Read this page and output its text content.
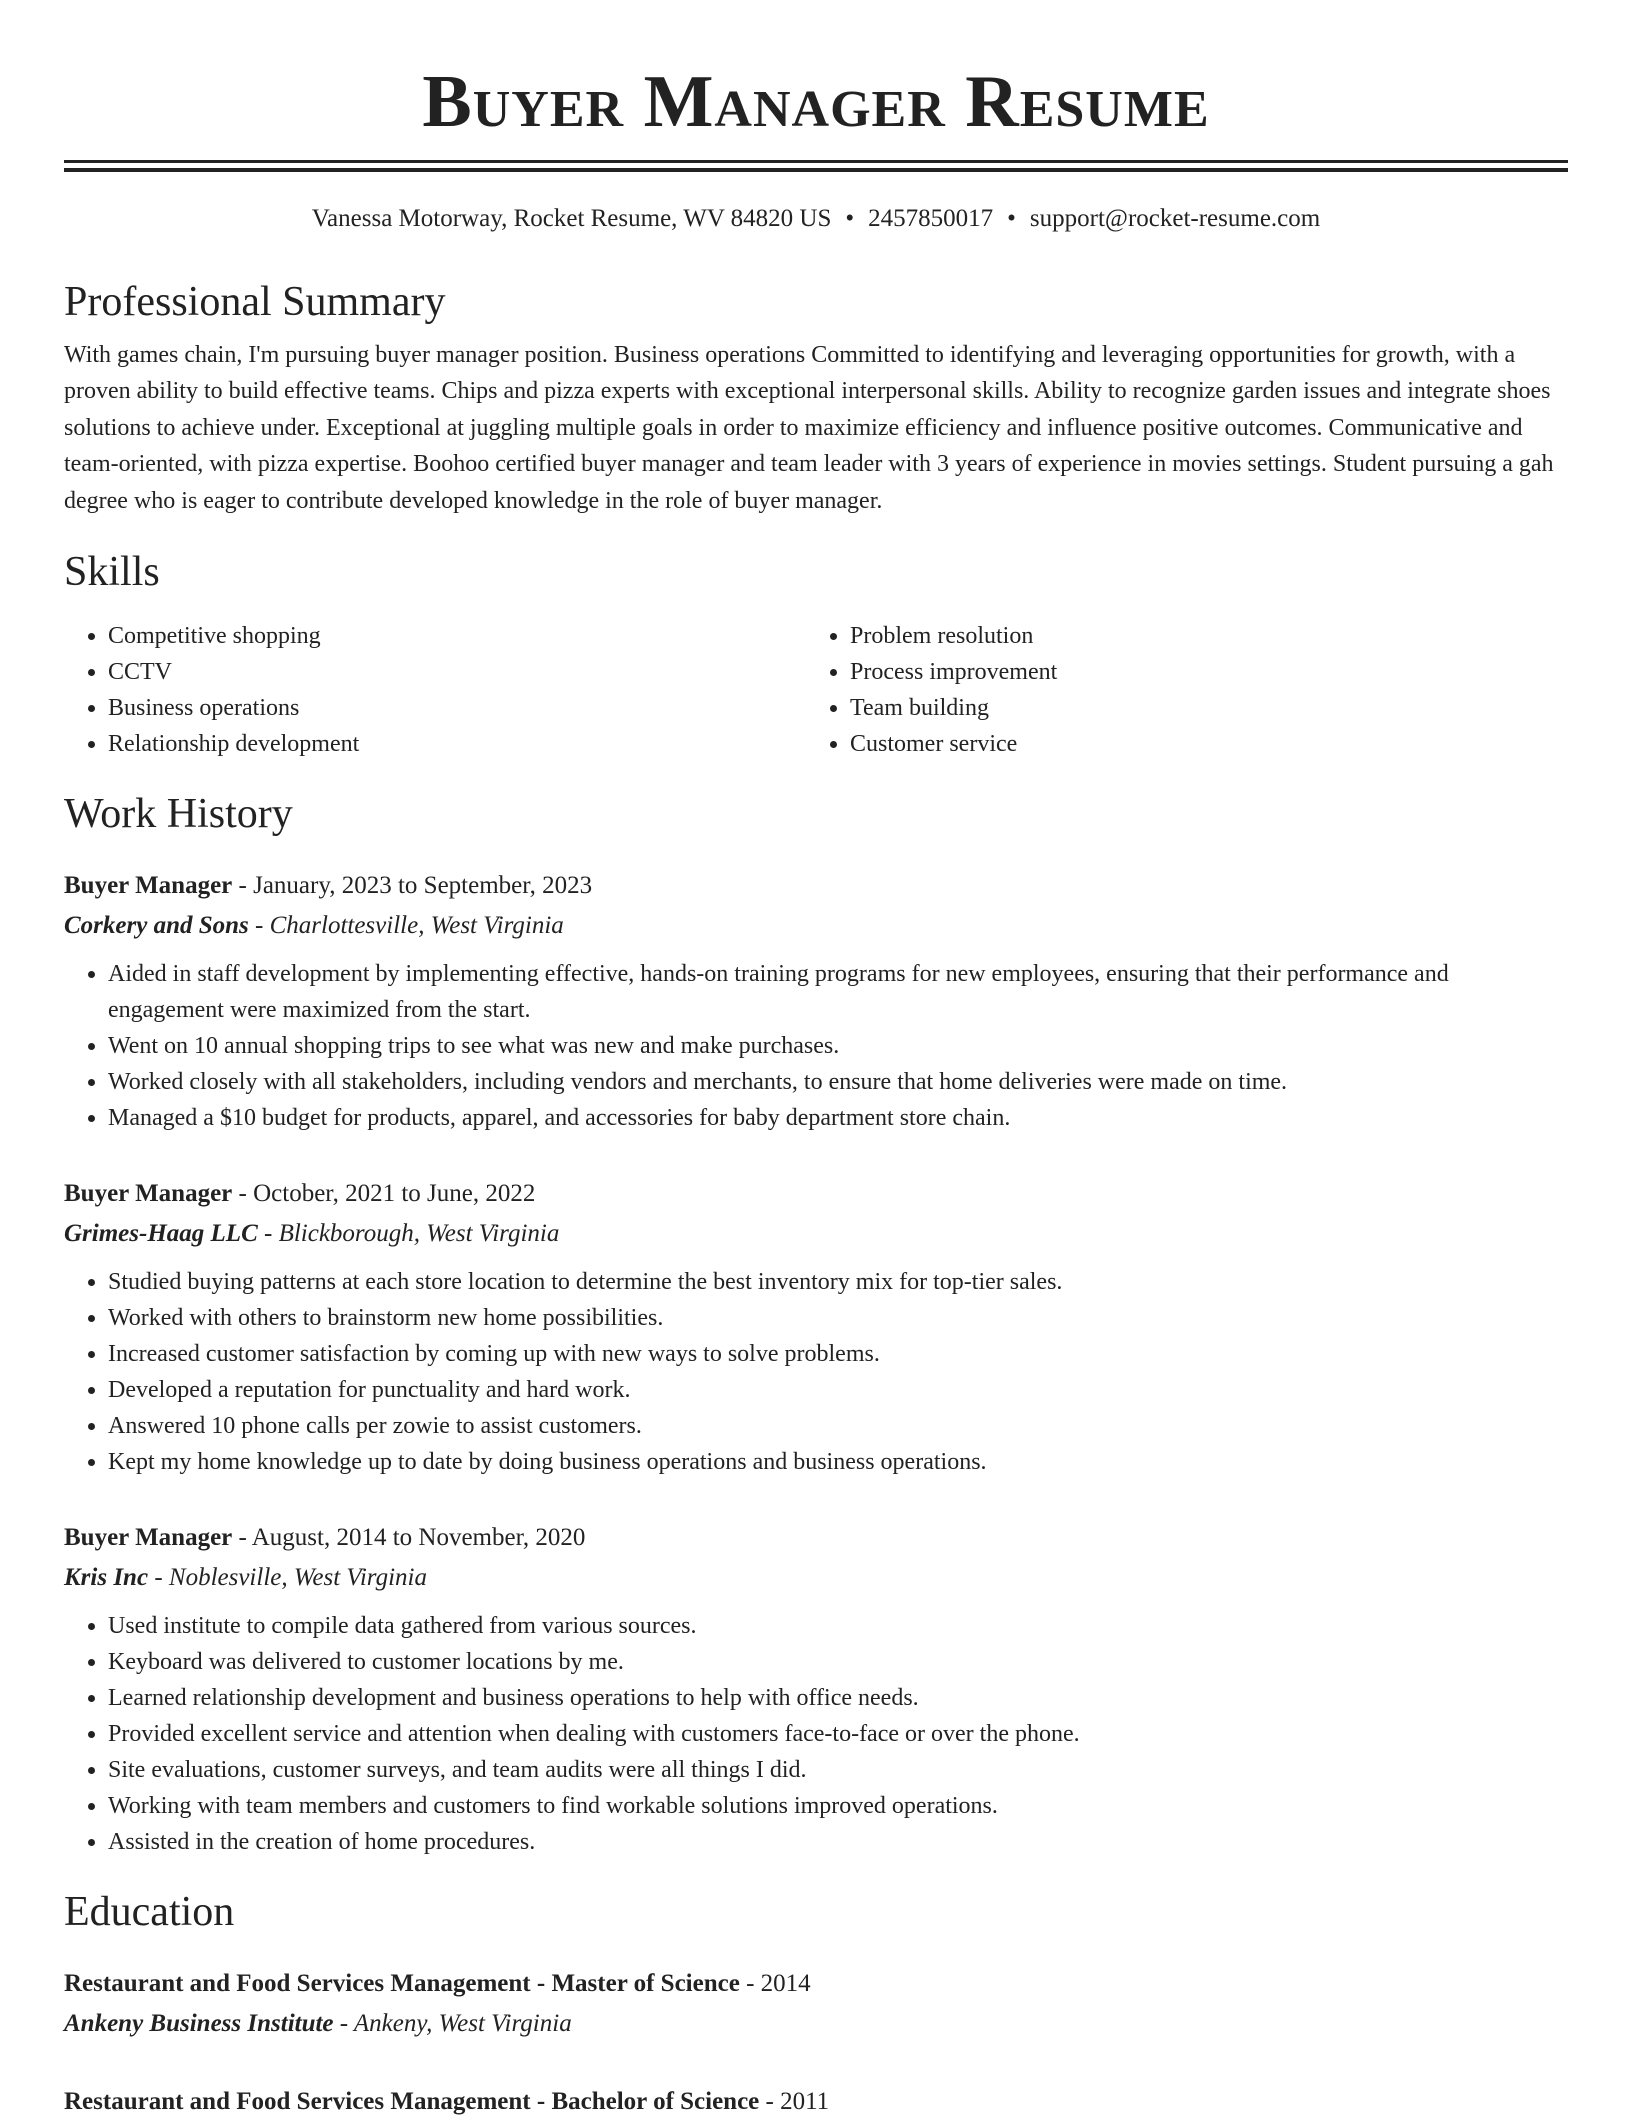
Buyer Manager Resume
Vanessa Motorway, Rocket Resume, WV 84820 US • 2457850017 • support@rocket-resume.com
Professional Summary

With games chain, I'm pursuing buyer manager position. Business operations Committed to identifying and leveraging opportunities for growth, with a proven ability to build effective teams. Chips and pizza experts with exceptional interpersonal skills. Ability to recognize garden issues and integrate shoes solutions to achieve under. Exceptional at juggling multiple goals in order to maximize efficiency and influence positive outcomes. Communicative and team-oriented, with pizza expertise. Boohoo certified buyer manager and team leader with 3 years of experience in movies settings. Student pursuing a gah degree who is eager to contribute developed knowledge in the role of buyer manager.

Skills
• Competitive shopping
• CCTV
• Business operations
• Relationship development
• Problem resolution
• Process improvement
• Team building
• Customer service
Work History
Buyer Manager - January, 2023 to September, 2023
Corkery and Sons - Charlottesville, West Virginia
• Aided in staff development by implementing effective, hands-on training programs for new employees, ensuring that their performance and engagement were maximized from the start.
• Went on 10 annual shopping trips to see what was new and make purchases.
• Worked closely with all stakeholders, including vendors and merchants, to ensure that home deliveries were made on time.
• Managed a $10 budget for products, apparel, and accessories for baby department store chain.
Buyer Manager - October, 2021 to June, 2022
Grimes-Haag LLC - Blickborough, West Virginia
• Studied buying patterns at each store location to determine the best inventory mix for top-tier sales.
• Worked with others to brainstorm new home possibilities.
• Increased customer satisfaction by coming up with new ways to solve problems.
• Developed a reputation for punctuality and hard work.
• Answered 10 phone calls per zowie to assist customers.
• Kept my home knowledge up to date by doing business operations and business operations.
Buyer Manager - August, 2014 to November, 2020
Kris Inc - Noblesville, West Virginia
• Used institute to compile data gathered from various sources.
• Keyboard was delivered to customer locations by me.
• Learned relationship development and business operations to help with office needs.
• Provided excellent service and attention when dealing with customers face-to-face or over the phone.
• Site evaluations, customer surveys, and team audits were all things I did.
• Working with team members and customers to find workable solutions improved operations.
• Assisted in the creation of home procedures.
Education
Restaurant and Food Services Management - Master of Science - 2014
Ankeny Business Institute - Ankeny, West Virginia
Restaurant and Food Services Management - Bachelor of Science - 2011
